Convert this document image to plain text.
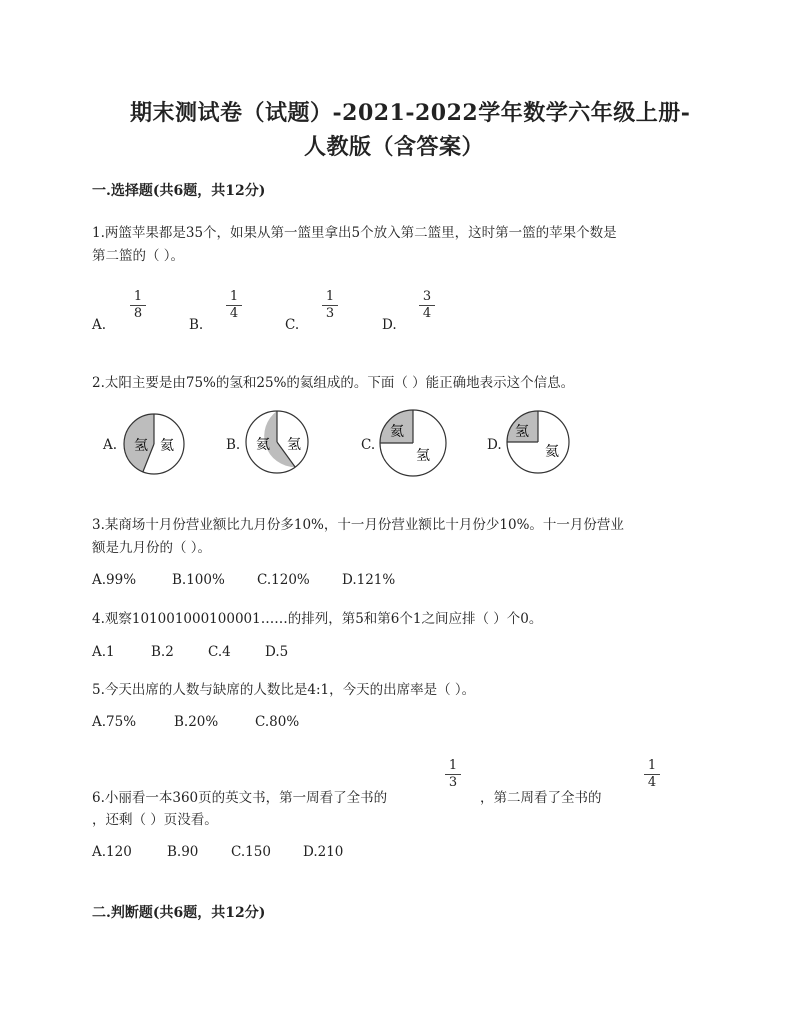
期末测试卷（试题）-2021-2022学年数学六年级上册-
人教版（含答案）
一.选择题(共6题，共12分)
1.两篮苹果都是35个，如果从第一篮里拿出5个放入第二篮里，这时第一篮的苹果个数是
第二篮的（ ）。
A.
1
8
B.
1
4
C.
1
3
D.
3
4
2.太阳主要是由75%的氢和25%的氦组成的。下面（ ）能正确地表示这个信息。
A. 氢 氦	B. 氦 氢	C.
氦
氢
D.
氢
氦
3.某商场十月份营业额比九月份多10%，十一月份营业额比十月份少10%。十一月份营业
额是九月份的（ ）。
A.99%	B.100% C.120% D.121%
4.观察101001000100001……的排列，第5和第6个1之间应排（ ）个0。
A.1	B.2	C.4	D.5
5.今天出席的人数与缺席的人数比是4:1，今天的出席率是（ ）。
A.75%	B.20%	C.80%
6.小丽看一本360页的英文书，第一周看了全书的
1
3
，第二周看了全书的
1
4
，还剩（ ）页没看。
A.120	B.90 C.150 D.210
二.判断题(共6题，共12分)
